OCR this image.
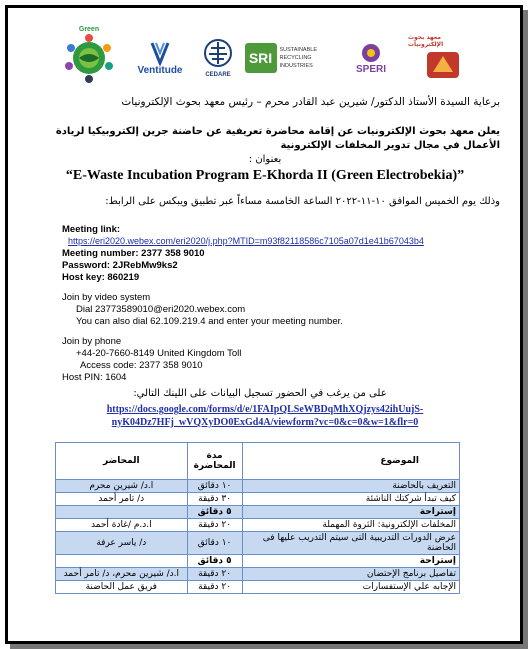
Green
Ventitude	CEDARE
SRI	SUSTAINABLE RECYCLING INDUSTRIES	SPERI
معهد بحوث الإلكترونيات
برعاية السيدة الأستاذ الدكتور/ شيرين عبد القادر محرم – رئيس معهد بحوث الإلكترونيات
يعلن معهد بحوث الإلكترونيات عن إقامة محاضرة تعريفية عن حاضنة جرين إلكتروبيكيا لريادة
الأعمال في مجال تدوير المخلفات الإلكترونية
بعنوان :
“E-Waste Incubation Program E-Khorda II (Green Electrobekia)”
وذلك يوم الخميس الموافق ١٠-١١-٢٠٢٢ الساعة الخامسة مساءاً عبر تطبيق ويبكس على الرابط:
Meeting link:
https://eri2020.webex.com/eri2020/j.php?MTID=m93f82118586c7105a07d1e41b67043b4
Meeting number: 2377 358 9010
Password: 2JRebMw9ks2
Host key: 860219
Join by video system
Dial 23773589010@eri2020.webex.com
You can also dial 62.109.219.4 and enter your meeting number.
Join by phone
+44-20-7660-8149 United Kingdom Toll
Access code: 2377 358 9010
Host PIN: 1604
على من يرغب في الحضور تسجيل البيانات على اللينك التالي:
https://docs.google.com/forms/d/e/1FAIpQLSeWBDqMhXQjzys42ihUujS-
nyK04Dz7HFj_wVQXyDO0ExGd4A/viewform?vc=0&c=0&w=1&flr=0
المحاضر	مدة المحاضرة	الموضوع
ا.د/ شيرين محرم	١٠ دقائق	التعريف بالحاضنة
د/ تامر أحمد	٣٠ دقيقة	كيف تبدأ شركتك الناشئة
	٥ دقائق	إستراحة
ا.د.م /غادة أحمد	٢٠ دقيقة	المخلفات الإلكترونية: الثروة المهملة
د/ ياسر عرفة	١٠ دقائق	عرض الدورات التدريبية التى سيتم التدريب عليها فى الحاضنة
	٥ دقائق	إستراحة
ا.د/ شيرين محرم، د/ تامر أحمد	٢٠ دقيقة	تفاصيل برنامج الإحتضان
فريق عمل الحاضنة	٢٠ دقيقة	الإجابه علي الإستفسارات
